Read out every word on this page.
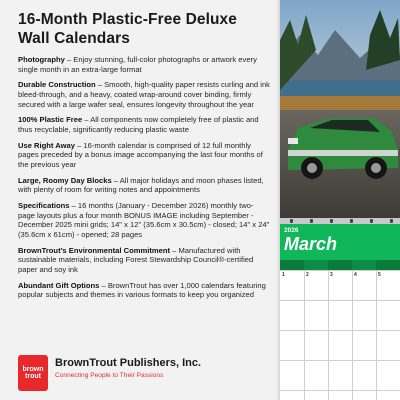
16-Month Plastic-Free Deluxe Wall Calendars
Photography – Enjoy stunning, full-color photographs or artwork every single month in an extra-large format
Durable Construction – Smooth, high-quality paper resists curling and ink bleed-through, and a heavy, coated wrap-around cover binding, firmly secured with a large wafer seal, ensures longevity throughout the year
100% Plastic Free – All components now completely free of plastic and thus recyclable, significantly reducing plastic waste
Use Right Away – 16-month calendar is comprised of 12 full monthly pages preceded by a bonus image accompanying the last four months of the previous year
Large, Roomy Day Blocks – All major holidays and moon phases listed, with plenty of room for writing notes and appointments
Specifications – 16 months (January - December 2026) monthly two-page layouts plus a four month BONUS IMAGE including September - December 2025 mini grids; 14" x 12" (35.6cm x 30.5cm) - closed; 14" x 24" (35.6cm x 61cm) - opened; 28 pages
BrownTrout’s Environmental Commitment – Manufactured with sustainable materials, including Forest Stewardship Council®-certified paper and soy ink
Abundant Gift Options – BrownTrout has over 1,000 calendars featuring popular subjects and themes in various formats to keep you organized
brown
trout
BrownTrout Publishers, Inc.
Connecting People to Their Passions
2026
March
1	2	3	4	5
